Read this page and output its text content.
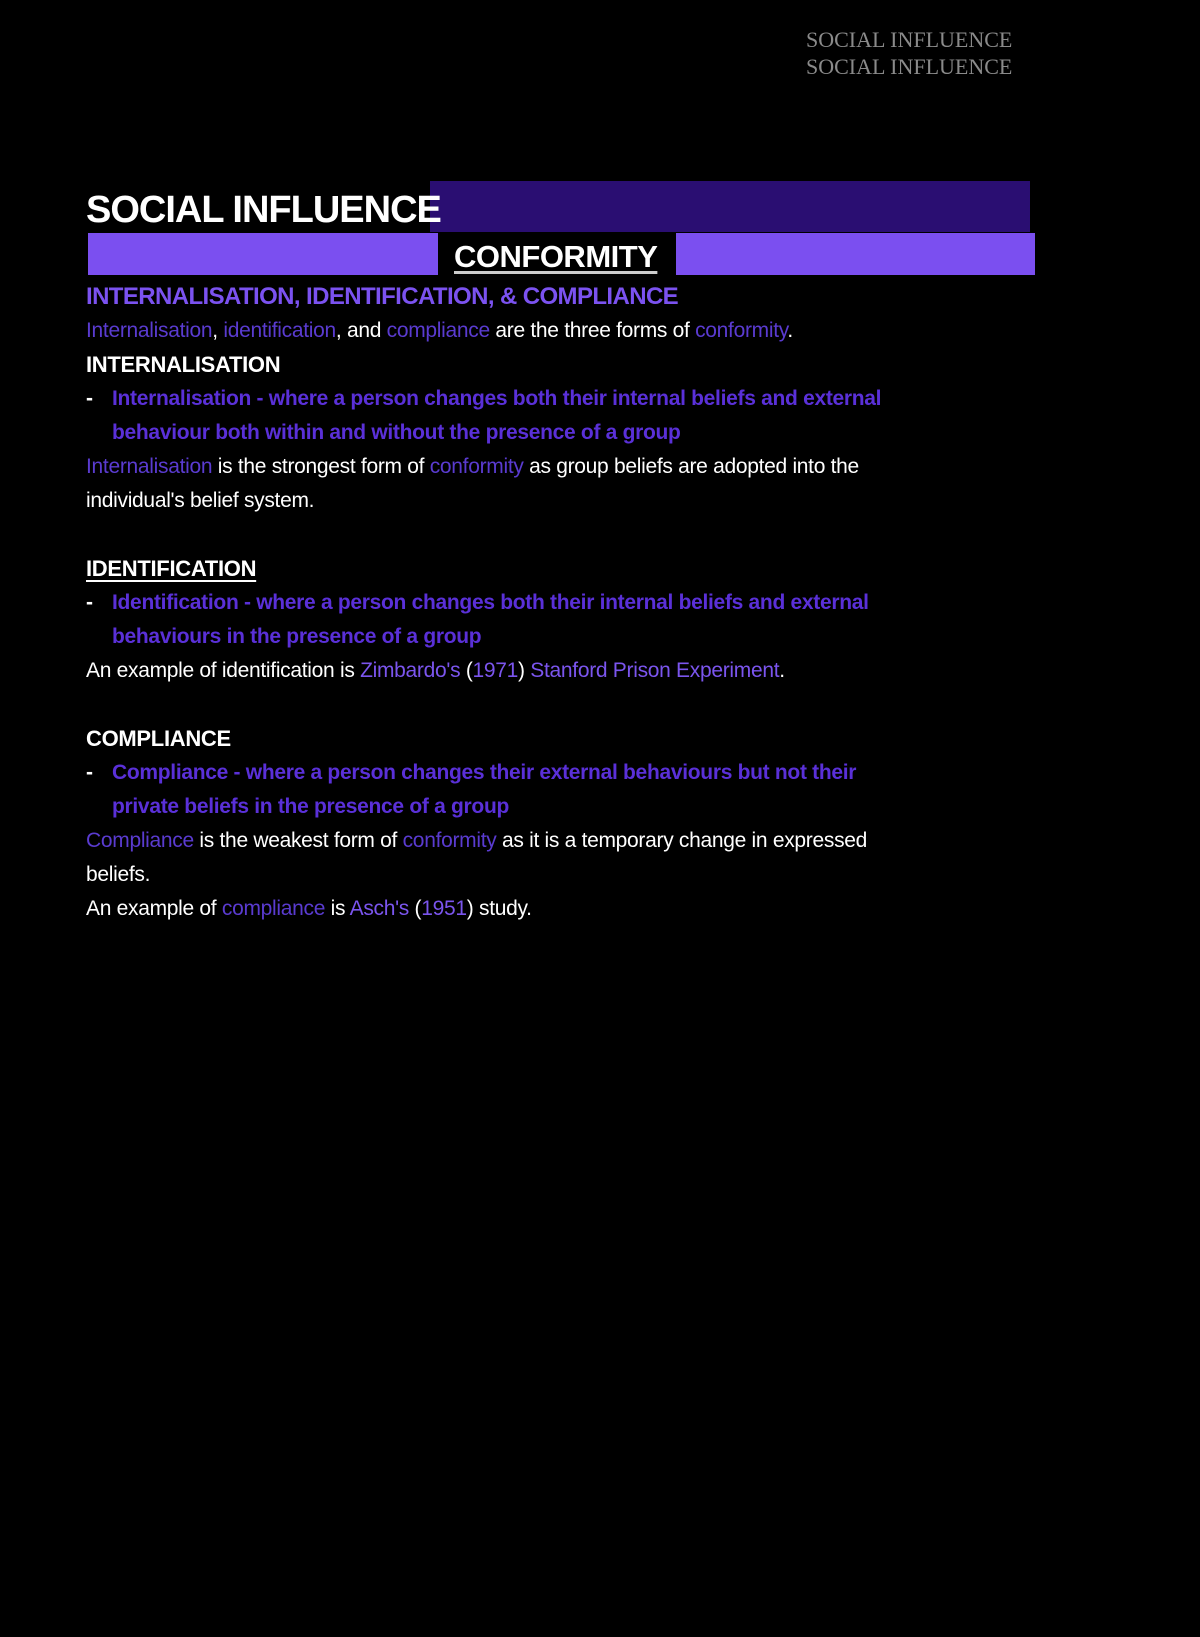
SOCIAL INFLUENCE
SOCIAL INFLUENCE
SOCIAL INFLUENCE
CONFORMITY
INTERNALISATION, IDENTIFICATION, & COMPLIANCE
Internalisation, identification, and compliance are the three forms of conformity.
INTERNALISATION
- Internalisation - where a person changes both their internal beliefs and external
behaviour both within and without the presence of a group
Internalisation is the strongest form of conformity as group beliefs are adopted into the
individual's belief system.
IDENTIFICATION
- Identification - where a person changes both their internal beliefs and external
behaviours in the presence of a group
An example of identification is Zimbardo's (1971) Stanford Prison Experiment.
COMPLIANCE
- Compliance - where a person changes their external behaviours but not their
private beliefs in the presence of a group
Compliance is the weakest form of conformity as it is a temporary change in expressed
beliefs.
An example of compliance is Asch's (1951) study.
